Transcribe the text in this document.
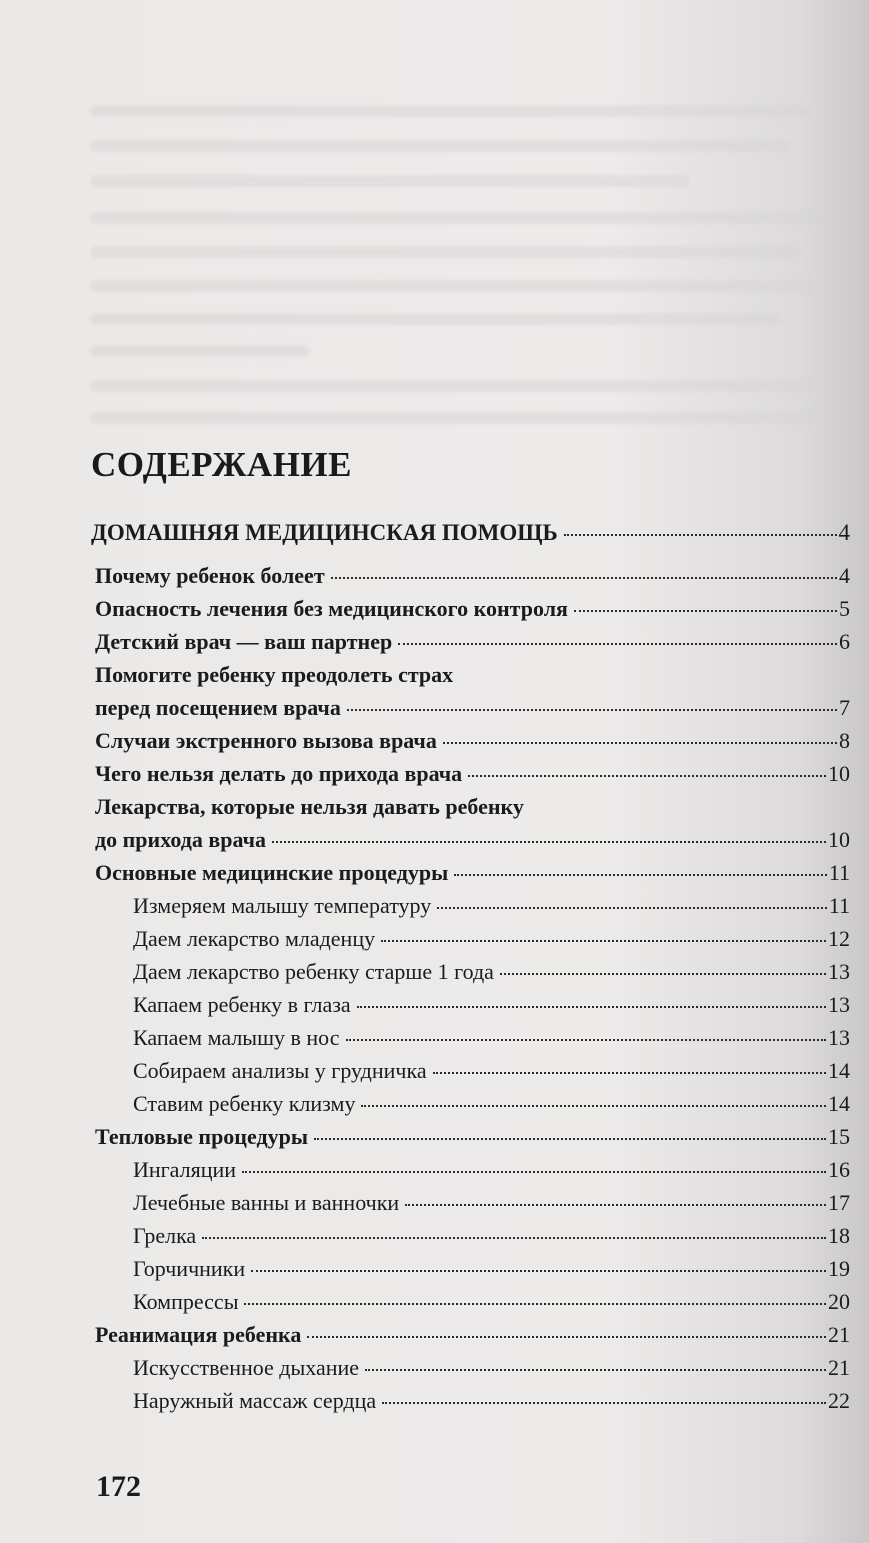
СОДЕРЖАНИЕ
ДОМАШНЯЯ МЕДИЦИНСКАЯ ПОМОЩЬ	4
Почему ребенок болеет	4
Опасность лечения без медицинского контроля	5
Детский врач — ваш партнер	6
Помогите ребенку преодолеть страх
перед посещением врача	7
Случаи экстренного вызова врача	8
Чего нельзя делать до прихода врача	10
Лекарства, которые нельзя давать ребенку
до прихода врача	10
Основные медицинские процедуры	11
Измеряем малышу температуру	11
Даем лекарство младенцу	12
Даем лекарство ребенку старше 1 года	13
Капаем ребенку в глаза	13
Капаем малышу в нос	13
Собираем анализы у грудничка	14
Ставим ребенку клизму	14
Тепловые процедуры	15
Ингаляции	16
Лечебные ванны и ванночки	17
Грелка	18
Горчичники	19
Компрессы	20
Реанимация ребенка	21
Искусственное дыхание	21
Наружный массаж сердца	22
172
